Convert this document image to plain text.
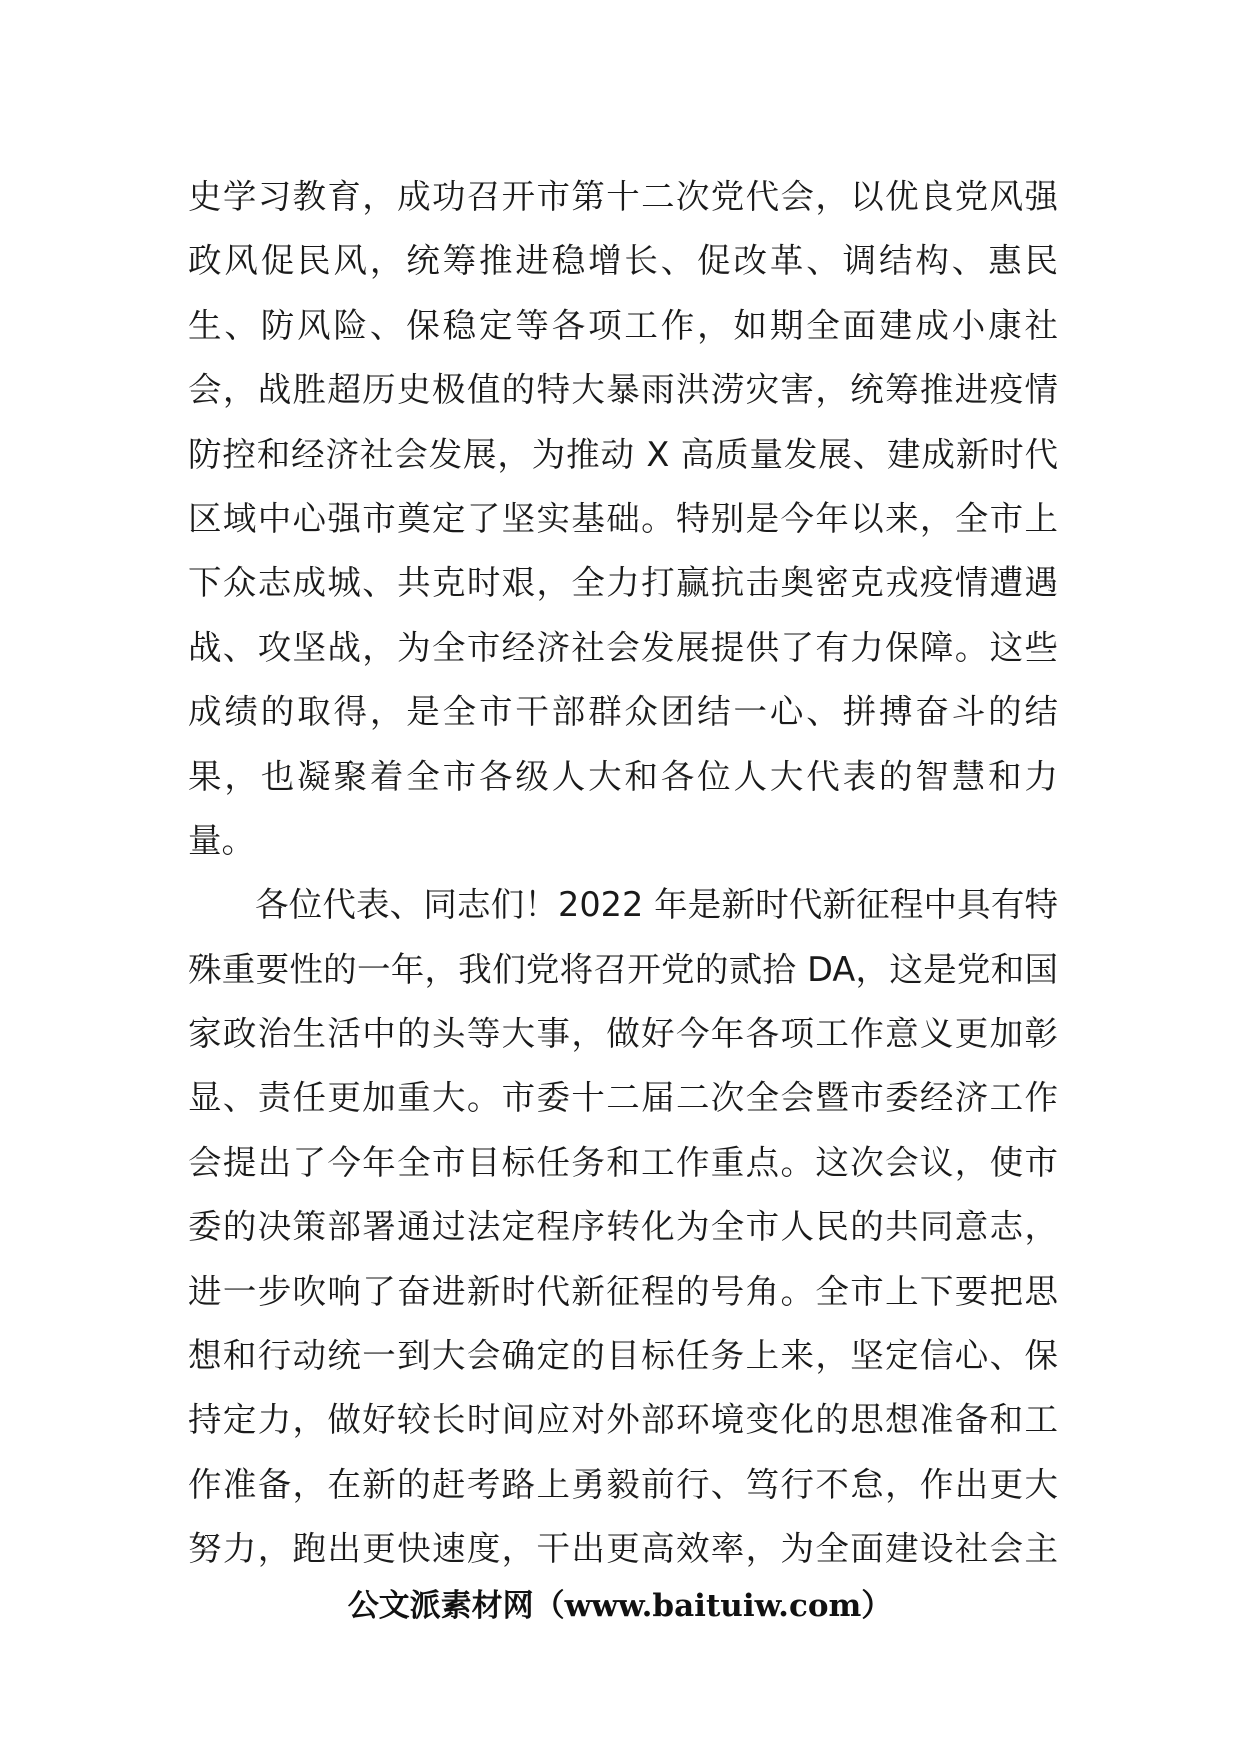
史学习教育，成功召开市第十二次党代会，以优良党风强
政风促民风，统筹推进稳增长、促改革、调结构、惠民
生、防风险、保稳定等各项工作，如期全面建成小康社
会，战胜超历史极值的特大暴雨洪涝灾害，统筹推进疫情
防控和经济社会发展，为推动 X 高质量发展、建成新时代
区域中心强市奠定了坚实基础。特别是今年以来，全市上
下众志成城、共克时艰，全力打赢抗击奥密克戎疫情遭遇
战、攻坚战，为全市经济社会发展提供了有力保障。这些
成绩的取得，是全市干部群众团结一心、拼搏奋斗的结
果，也凝聚着全市各级人大和各位人大代表的智慧和力
量。
各位代表、同志们！2022 年是新时代新征程中具有特
殊重要性的一年，我们党将召开党的贰拾 DA，这是党和国
家政治生活中的头等大事，做好今年各项工作意义更加彰
显、责任更加重大。市委十二届二次全会暨市委经济工作
会提出了今年全市目标任务和工作重点。这次会议，使市
委的决策部署通过法定程序转化为全市人民的共同意志，
进一步吹响了奋进新时代新征程的号角。全市上下要把思
想和行动统一到大会确定的目标任务上来，坚定信心、保
持定力，做好较长时间应对外部环境变化的思想准备和工
作准备，在新的赶考路上勇毅前行、笃行不怠，作出更大
努力，跑出更快速度，干出更高效率，为全面建设社会主
公文派素材网（www.baituiw.com）
